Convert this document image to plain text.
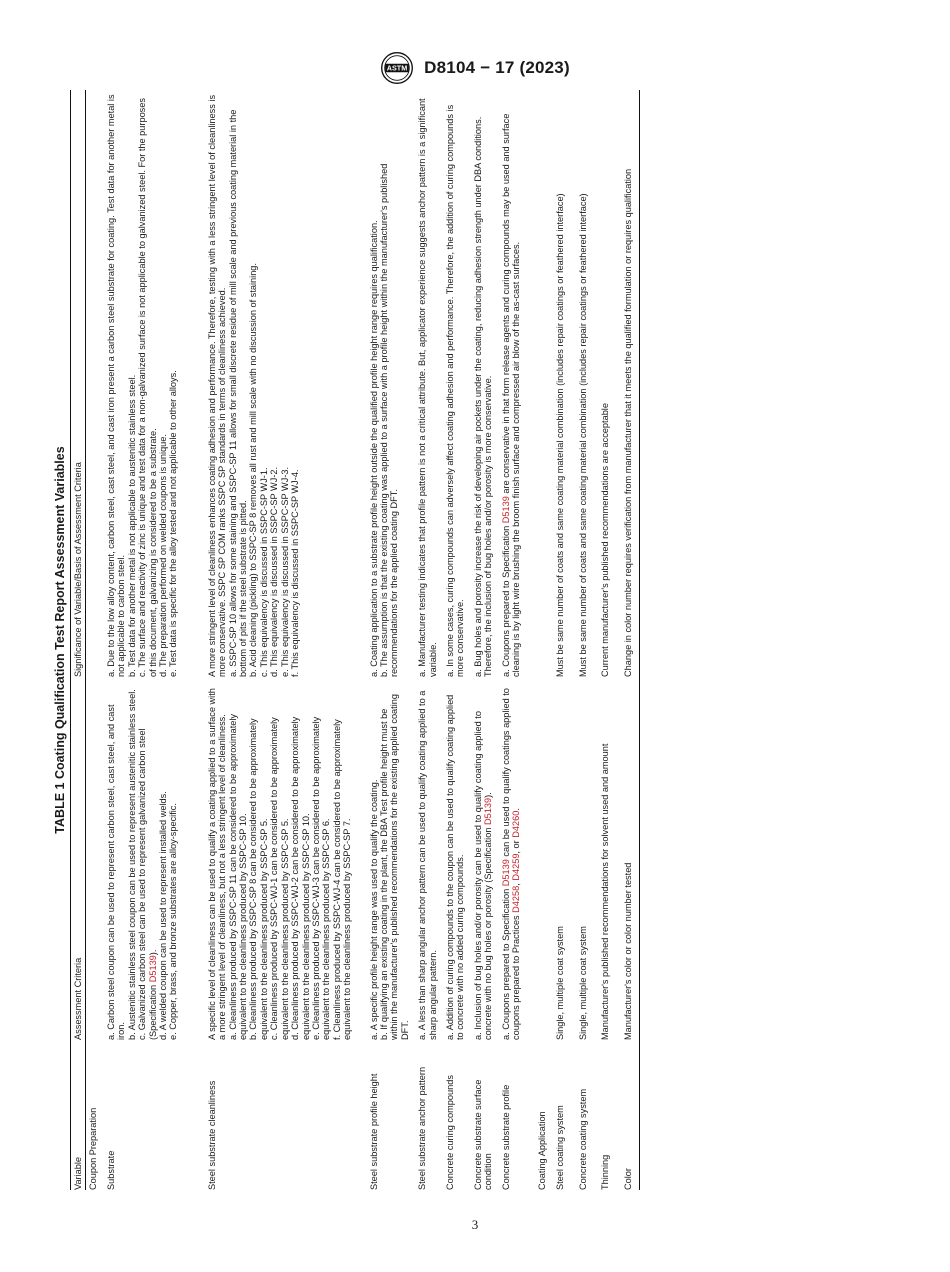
ASTM D8104 − 17 (2023)
TABLE 1 Coating Qualification Test Report Assessment Variables
Variable
Assessment Criteria
Significance of Variable/Basis of Assessment Criteria
Coupon Preparation Substrate

a. Carbon steel coupon can be used to represent carbon steel, cast steel, and cast iron. b. Austenitic stainless steel coupon can be used to represent austenitic stainless steel. c. Galvanized carbon steel can be used to represent galvanized carbon steel (Specification D5139). d. A welded coupon can be used to represent installed welds. e. Copper, brass, and bronze substrates are alloy-specific.

a. Due to the low alloy content, carbon steel, cast steel, and cast iron present a carbon steel substrate for coating. Test data for another metal is not applicable to carbon steel. b. Test data for another metal is not applicable to austenitic stainless steel. c. The surface and reactivity of zinc is unique and test data for a non-galvanized surface is not applicable to galvanized steel. For the purposes of this document, galvanizing is considered to be a substrate. d. The preparation performed on welded coupons is unique. e. Test data is specific for the alloy tested and not applicable to other alloys.

Steel substrate cleanliness

A specific level of cleanliness can be used to qualify a coating applied to a surface with a more stringent level of cleanliness, but not a less stringent level of cleanliness. a. Cleanliness produced by SSPC-SP 11 can be considered to be approximately equivalent to the cleanliness produced by SSPC-SP 10. b. Cleanliness produced by SSPC-SP 8 can be considered to be approximately equivalent to the cleanliness produced by SSPC-SP 5. c. Cleanliness produced by SSPC-WJ-1 can be considered to be approximately equivalent to the cleanliness produced by SSPC-SP 5. d. Cleanliness produced by SSPC-WJ-2 can be considered to be approximately equivalent to the cleanliness produced by SSPC-SP 10. e. Cleanliness produced by SSPC-WJ-3 can be considered to be approximately equivalent to the cleanliness produced by SSPC-SP 6. f. Cleanliness produced by SSPC-WJ-4 can be considered to be approximately equivalent to the cleanliness produced by SSPC-SP 7.

A more stringent level of cleanliness enhances coating adhesion and performance. Therefore, testing with a less stringent level of cleanliness is more conservative. SSPC SP COM ranks SSPC SP standards in terms of cleanliness achieved. a. SSPC-SP 10 allows for some staining and SSPC-SP 11 allows for small discrete residue of mill scale and previous coating material in the bottom of pits if the steel substrate is pitted. b. Acid cleaning (pickling) to SSPC-SP 8 removes all rust and mill scale with no discussion of staining. c. This equivalency is discussed in SSPC-SP WJ-1. d. This equivalency is discussed in SSPC-SP WJ-2. e. This equivalency is discussed in SSPC-SP WJ-3. f. This equivalency is discussed in SSPC-SP WJ-4.

Steel substrate profile height

a. A specific profile height range was used to qualify the coating. b. If qualifying an existing coating in the plant, the DBA Test profile height must be within the manufacturer's published recommendations for the existing applied coating DFT.

a. Coating application to a substrate profile height outside the qualified profile height range requires qualification. b. The assumption is that the existing coating was applied to a surface with a profile height within the manufacturer's published recommendations for the applied coating DFT.

Steel substrate anchor pattern

a. A less than sharp angular anchor pattern can be used to qualify coating applied to a sharp angular pattern.

a. Manufacturer testing indicates that profile pattern is not a critical attribute. But, applicator experience suggests anchor pattern is a significant variable.

Concrete curing compounds

a. Addition of curing compounds to the coupon can be used to qualify coating applied to concrete with no added curing compounds.

a. In some cases, curing compounds can adversely affect coating adhesion and performance. Therefore, the addition of curing compounds is more conservative.

Concrete substrate surface condition

a. Inclusion of bug holes and/or porosity can be used to qualify coating applied to concrete with no bug holes or porosity (Specification D5139).

a. Bug holes and porosity increase the risk of developing air pockets under the coating, reducing adhesion strength under DBA conditions. Therefore, the inclusion of bug holes and/or porosity is more conservative.

Concrete substrate profile

a. Coupons prepared to Specification D5139 can be used to qualify coatings applied to coupons prepared to Practices D4258, D4259, or D4260.

a. Coupons prepared to Specification D5139 are conservative in that form release agents and curing compounds may be used and surface cleaning is by light wire brushing the broom finish surface and compressed air blow of the as-cast surfaces.

Coating Application Steel coating system
Single, multiple coat system
Must be same number of coats and same coating material combination (includes repair coatings or feathered interface)
Concrete coating system
Single, multiple coat system
Must be same number of coats and same coating material combination (includes repair coatings or feathered interface)
Thinning
Manufacturer's published recommendations for solvent used and amount
Current manufacturer's published recommendations are acceptable
Color
Manufacturer's color or color number tested
Change in color number requires verification from manufacturer that it meets the qualified formulation or requires qualification
3
